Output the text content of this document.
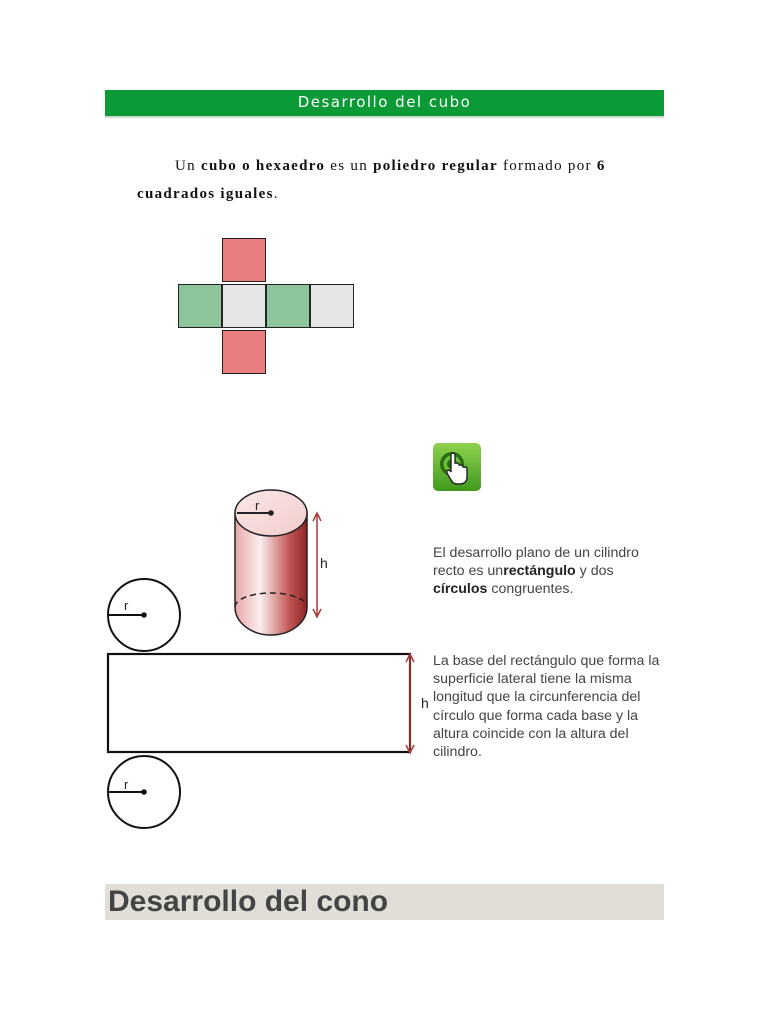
Desarrollo del cubo
Un cubo o hexaedro es un poliedro regular formado por 6 cuadrados iguales.
r
h
r
h
r
El desarrollo plano de un cilindro recto es unrectángulo y dos círculos congruentes.
La base del rectángulo que forma la superficie lateral tiene la misma longitud que la circunferencia del círculo que forma cada base y la altura coincide con la altura del cilindro.
Desarrollo del cono
